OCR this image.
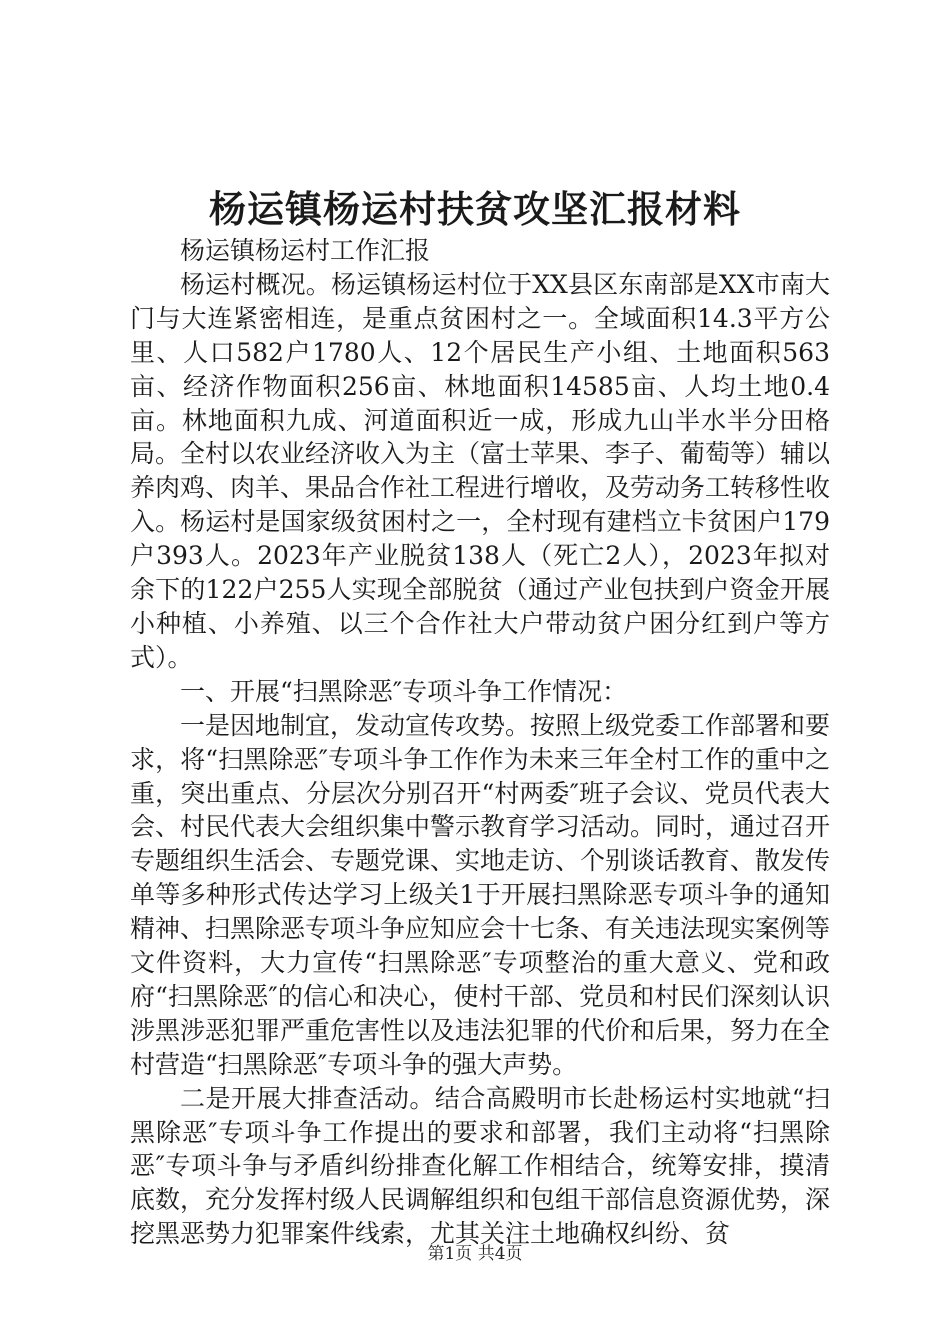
杨运镇杨运村扶贫攻坚汇报材料

杨运镇杨运村工作汇报

杨运村概况。杨运镇杨运村位于XX县区东南部是XX市南大门与大连紧密相连，是重点贫困村之一。全域面积14.3平方公里、人口582户1780人、12个居民生产小组、土地面积563亩、经济作物面积256亩、林地面积14585亩、人均土地0.4亩。林地面积九成、河道面积近一成，形成九山半水半分田格局。全村以农业经济收入为主（富士苹果、李子、葡萄等）辅以养肉鸡、肉羊、果品合作社工程进行增收，及劳动务工转移性收入。杨运村是国家级贫困村之一，全村现有建档立卡贫困户179户393人。2023年产业脱贫138人（死亡2人），2023年拟对余下的122户255人实现全部脱贫（通过产业包扶到户资金开展小种植、小养殖、以三个合作社大户带动贫户困分红到户等方式）。

一、开展“扫黑除恶″专项斗争工作情况：

一是因地制宜，发动宣传攻势。按照上级党委工作部署和要求，将“扫黑除恶″专项斗争工作作为未来三年全村工作的重中之重，突出重点、分层次分别召开“村两委″班子会议、党员代表大会、村民代表大会组织集中警示教育学习活动。同时，通过召开专题组织生活会、专题党课、实地走访、个别谈话教育、散发传单等多种形式传达学习上级关1于开展扫黑除恶专项斗争的通知精神、扫黑除恶专项斗争应知应会十七条、有关违法现实案例等文件资料，大力宣传“扫黑除恶″专项整治的重大意义、党和政府“扫黑除恶″的信心和决心，使村干部、党员和村民们深刻认识涉黑涉恶犯罪严重危害性以及违法犯罪的代价和后果，努力在全村营造“扫黑除恶″专项斗争的强大声势。

二是开展大排查活动。结合高殿明市长赴杨运村实地就“扫黑除恶″专项斗争工作提出的要求和部署，我们主动将“扫黑除恶″专项斗争与矛盾纠纷排查化解工作相结合，统筹安排，摸清底数，充分发挥村级人民调解组织和包组干部信息资源优势，深挖黑恶势力犯罪案件线索，尤其关注土地确权纠纷、贫

第1页 共4页
